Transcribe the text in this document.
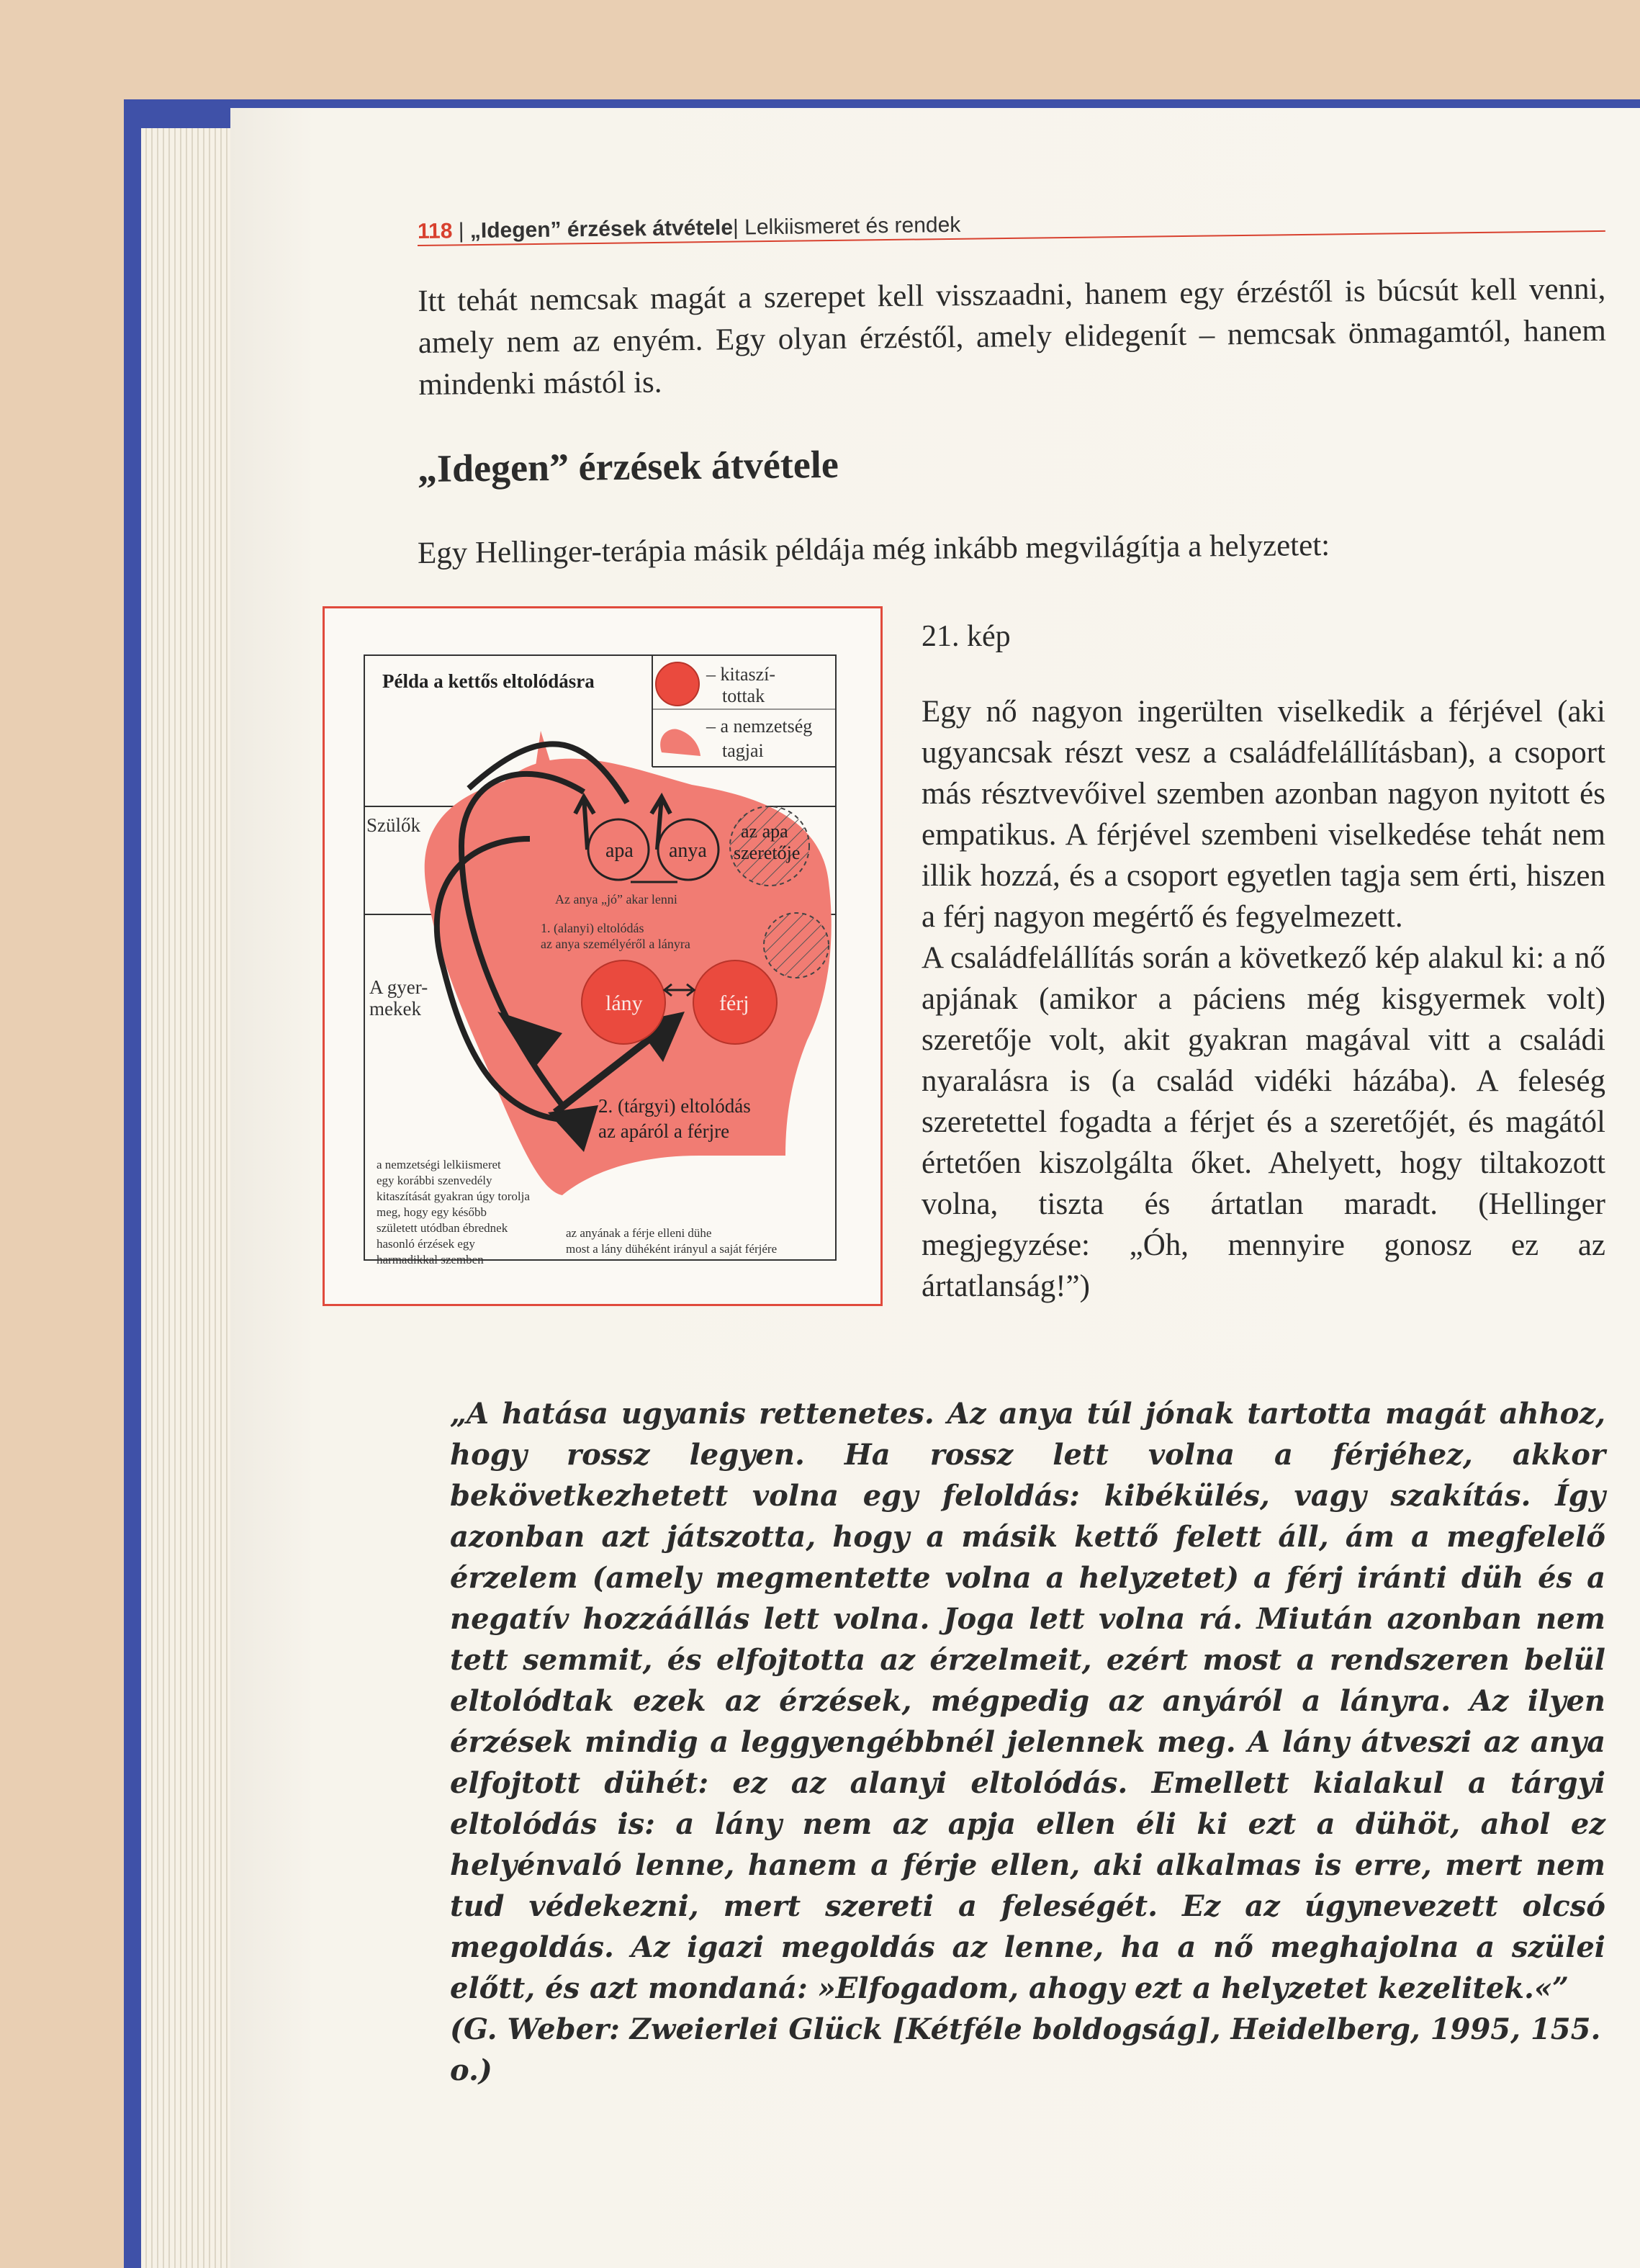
118 | „Idegen” érzések átvétele| Lelkiismeret és rendek

Itt tehát nemcsak magát a szerepet kell visszaadni, hanem egy érzéstől is búcsút kell venni, amely nem az enyém. Egy olyan érzéstől, amely elidegenít – nemcsak önmagamtól, hanem mindenki mástól is.

„Idegen” érzések átvétele

Egy Hellinger-terápia másik példája még inkább megvilágítja a helyzetet:

– kitaszí-
tottak
– a nemzetség
tagjai
Példa a kettős eltolódásra
Szülők
A gyer-
mekek
apa anya
az apa
szeretője
Az anya „jó” akar lenni
1. (alanyi) eltolódás
az anya személyéről a lányra
lány	férj
2. (tárgyi) eltolódás
az apáról a férjre
a nemzetségi lelkiismeret
egy korábbi szenvedély
kitaszítását gyakran úgy torolja
meg, hogy egy később
született utódban ébrednek
hasonló érzések egy
harmadikkal szemben
az anyának a férje elleni dühe
most a lány dühéként irányul a saját férjére
21. kép
Egy nő nagyon ingerülten viselkedik a férjével (aki ugyancsak részt vesz a családfelállításban), a csoport más résztvevőivel szemben azonban nagyon nyitott és empatikus. A férjével szembeni viselkedése tehát nem illik hozzá, és a csoport egyetlen tagja sem érti, hiszen a férj nagyon megértő és fegyelmezett.
A családfelállítás során a következő kép alakul ki: a nő apjának (amikor a páciens még kisgyermek volt) szeretője volt, akit gyakran magával vitt a családi nyaralásra is (a család vidéki házába). A feleség szeretettel fogadta a férjet és a szeretőjét, és magától értetően kiszolgálta őket. Ahelyett, hogy tiltakozott volna, tiszta és ártatlan maradt. (Hellinger megjegyzése: „Óh, mennyire gonosz ez az ártatlanság!”)
„A hatása ugyanis rettenetes. Az anya túl jónak tartotta magát ahhoz, hogy rossz legyen. Ha rossz lett volna a férjéhez, akkor bekövetkezhetett volna egy feloldás: kibékülés, vagy szakítás. Így azonban azt játszotta, hogy a másik kettő felett áll, ám a megfelelő érzelem (amely megmentette volna a helyzetet) a férj iránti düh és a negatív hozzáállás lett volna. Joga lett volna rá. Miután azonban nem tett semmit, és elfojtotta az érzelmeit, ezért most a rendszeren belül eltolódtak ezek az érzések, mégpedig az anyáról a lányra. Az ilyen érzések mindig a leggyengébbnél jelennek meg. A lány átveszi az anya elfojtott dühét: ez az alanyi eltolódás. Emellett kialakul a tárgyi eltolódás is: a lány nem az apja ellen éli ki ezt a dühöt, ahol ez helyénvaló lenne, hanem a férje ellen, aki alkalmas is erre, mert nem tud védekezni, mert szereti a feleségét. Ez az úgynevezett olcsó megoldás. Az igazi megoldás az lenne, ha a nő meghajolna a szülei előtt, és azt mondaná: »Elfogadom, ahogy ezt a helyzetet kezelitek.«”
(G. Weber: Zweierlei Glück [Kétféle boldogság], Heidelberg, 1995, 155. o.)
